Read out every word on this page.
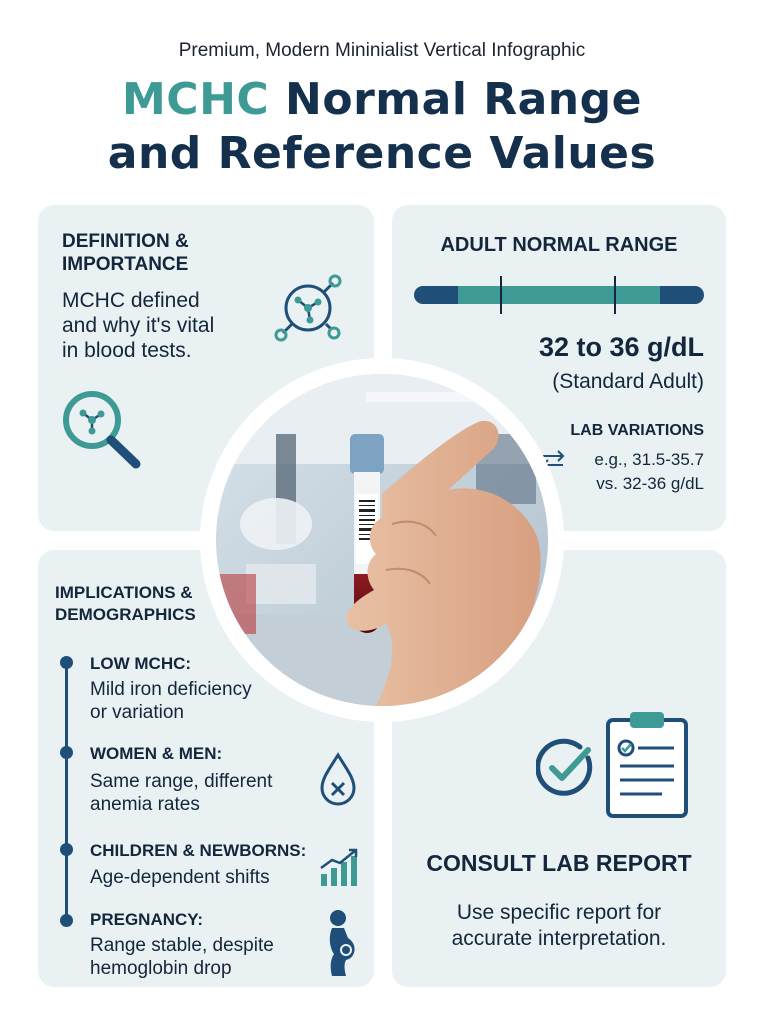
Premium, Modern Mininialist Vertical Infographic
MCHC Normal Range
and Reference Values
DEFINITION &
IMPORTANCE
MCHC defined
and why it's vital
in blood tests.
ADULT NORMAL RANGE
32 to 36 g/dL
(Standard Adult)
LAB VARIATIONS
e.g., 31.5-35.7
vs. 32-36 g/dL
IMPLICATIONS &
DEMOGRAPHICS
LOW MCHC:
Mild iron deficiency
or variation
WOMEN & MEN:
Same range, different
anemia rates
CHILDREN & NEWBORNS:
Age-dependent shifts
PREGNANCY:
Range stable, despite
hemoglobin drop
CONSULT LAB REPORT
Use specific report for
accurate interpretation.
